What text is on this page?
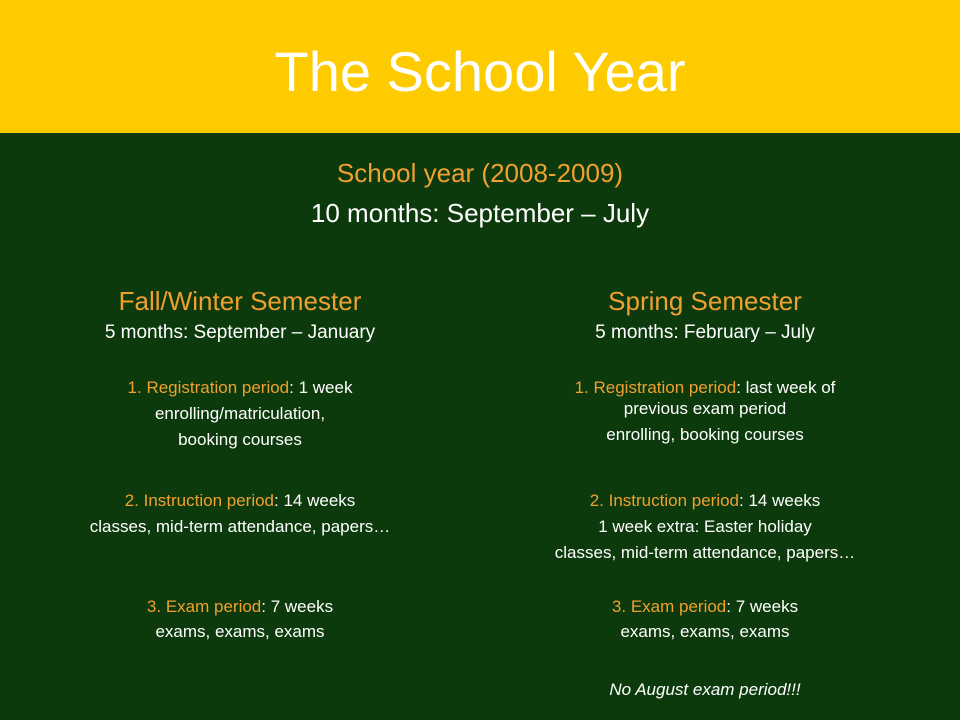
The School Year
School year (2008-2009)
10 months: September – July
Fall/Winter Semester
5 months: September – January
1. Registration period: 1 week
enrolling/matriculation,
booking courses
2. Instruction period: 14 weeks
classes, mid-term attendance, papers…
3. Exam period: 7 weeks
exams, exams, exams
Spring Semester
5 months: February – July
1. Registration period: last week of
previous exam period
enrolling, booking courses
2. Instruction period: 14 weeks
1 week extra: Easter holiday
classes, mid-term attendance, papers…
3. Exam period: 7 weeks
exams, exams, exams
No August exam period!!!
